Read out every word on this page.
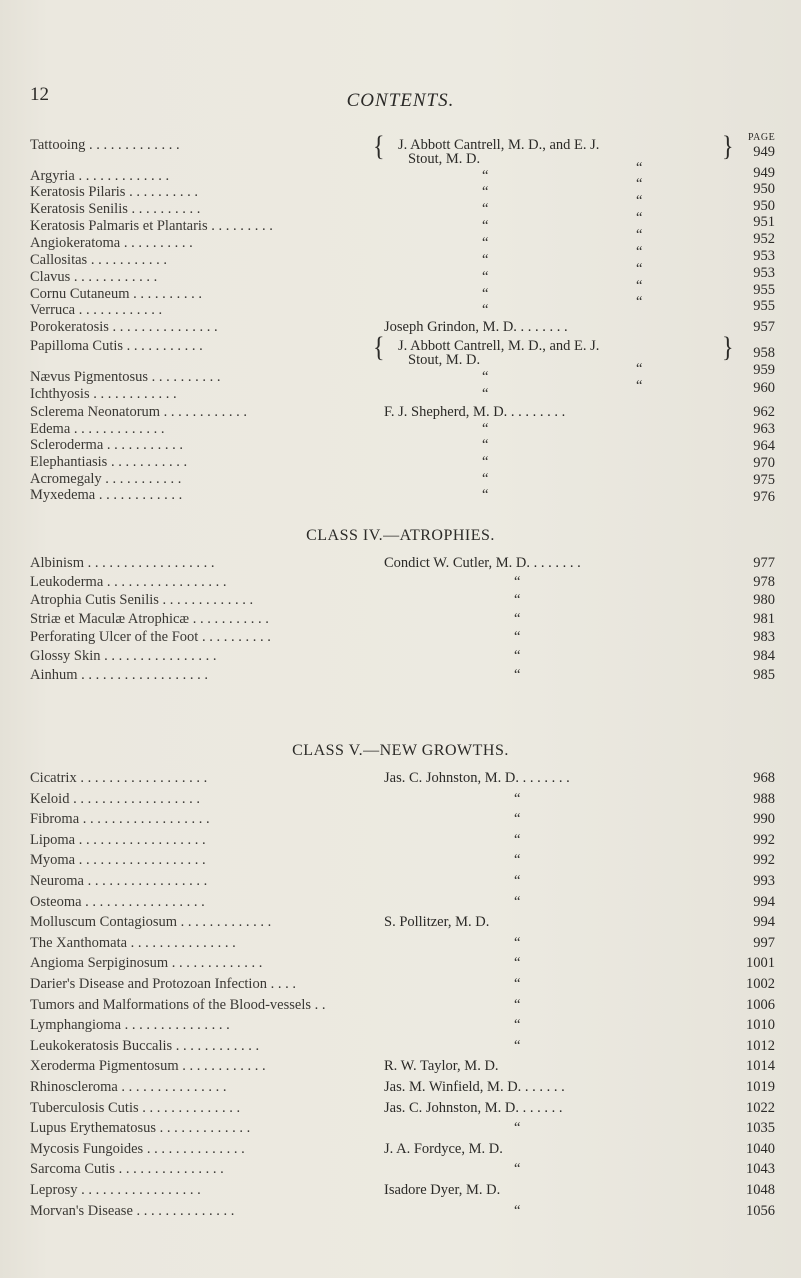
12	CONTENTS.
PAGE
Tattooing . . . . . . . . . . . . .	J. Abbott Cantrell, M. D., and E. J.	949
Stout, M. D.
Argyria . . . . . . . . . . . . .	“	“	949
Keratosis Pilaris . . . . . . . . . .	“	“	950
Keratosis Senilis . . . . . . . . . .	“	“	950
Keratosis Palmaris et Plantaris . . . . . . . . .	“	“	951
Angiokeratoma . . . . . . . . . .	“	“	952
Callositas . . . . . . . . . . .	“	“	953
Clavus . . . . . . . . . . . .	“	“	953
Cornu Cutaneum . . . . . . . . . .	“	“	955
Verruca . . . . . . . . . . . .	“	“	955
Porokeratosis . . . . . . . . . . . . . . .	Joseph Grindon, M. D. . . . . . . .	957
Papilloma Cutis . . . . . . . . . . .	J. Abbott Cantrell, M. D., and E. J.	958
Stout, M. D.
Nævus Pigmentosus . . . . . . . . . .	“	“	959
Ichthyosis . . . . . . . . . . . .	“	“	960
Sclerema Neonatorum . . . . . . . . . . . .	F. J. Shepherd, M. D. . . . . . . . .	962
Edema . . . . . . . . . . . . .	“	963
Scleroderma . . . . . . . . . . .	“	964
Elephantiasis . . . . . . . . . . .	“	970
Acromegaly . . . . . . . . . . .	“	975
Myxedema . . . . . . . . . . . .	“	976
{	}
{	}
CLASS IV.—ATROPHIES.
Albinism . . . . . . . . . . . . . . . . . .	Condict W. Cutler, M. D. . . . . . . .	977
Leukoderma . . . . . . . . . . . . . . . . .	“	978
Atrophia Cutis Senilis . . . . . . . . . . . . .	“	980
Striæ et Maculæ Atrophicæ . . . . . . . . . . .	“	981
Perforating Ulcer of the Foot . . . . . . . . . .	“	983
Glossy Skin . . . . . . . . . . . . . . . .	“	984
Ainhum . . . . . . . . . . . . . . . . . .	“	985
CLASS V.—NEW GROWTHS.
Cicatrix . . . . . . . . . . . . . . . . . .	Jas. C. Johnston, M. D. . . . . . . .	968
Keloid . . . . . . . . . . . . . . . . . .	“	988
Fibroma . . . . . . . . . . . . . . . . . .	“	990
Lipoma . . . . . . . . . . . . . . . . . .	“	992
Myoma . . . . . . . . . . . . . . . . . .	“	992
Neuroma . . . . . . . . . . . . . . . . .	“	993
Osteoma . . . . . . . . . . . . . . . . .	“	994
Molluscum Contagiosum . . . . . . . . . . . . .	S. Pollitzer, M. D.	994
The Xanthomata . . . . . . . . . . . . . . .	“	997
Angioma Serpiginosum . . . . . . . . . . . . .	“	1001
Darier's Disease and Protozoan Infection . . . .	“	1002
Tumors and Malformations of the Blood-vessels . .	“	1006
Lymphangioma . . . . . . . . . . . . . . .	“	1010
Leukokeratosis Buccalis . . . . . . . . . . . .	“	1012
Xeroderma Pigmentosum . . . . . . . . . . . .	R. W. Taylor, M. D.	1014
Rhinoscleroma . . . . . . . . . . . . . . .	Jas. M. Winfield, M. D. . . . . . .	1019
Tuberculosis Cutis . . . . . . . . . . . . . .	Jas. C. Johnston, M. D. . . . . . .	1022
Lupus Erythematosus . . . . . . . . . . . . .	“	1035
Mycosis Fungoides . . . . . . . . . . . . . .	J. A. Fordyce, M. D.	1040
Sarcoma Cutis . . . . . . . . . . . . . . .	“	1043
Leprosy . . . . . . . . . . . . . . . . .	Isadore Dyer, M. D.	1048
Morvan's Disease . . . . . . . . . . . . . .	“	1056
